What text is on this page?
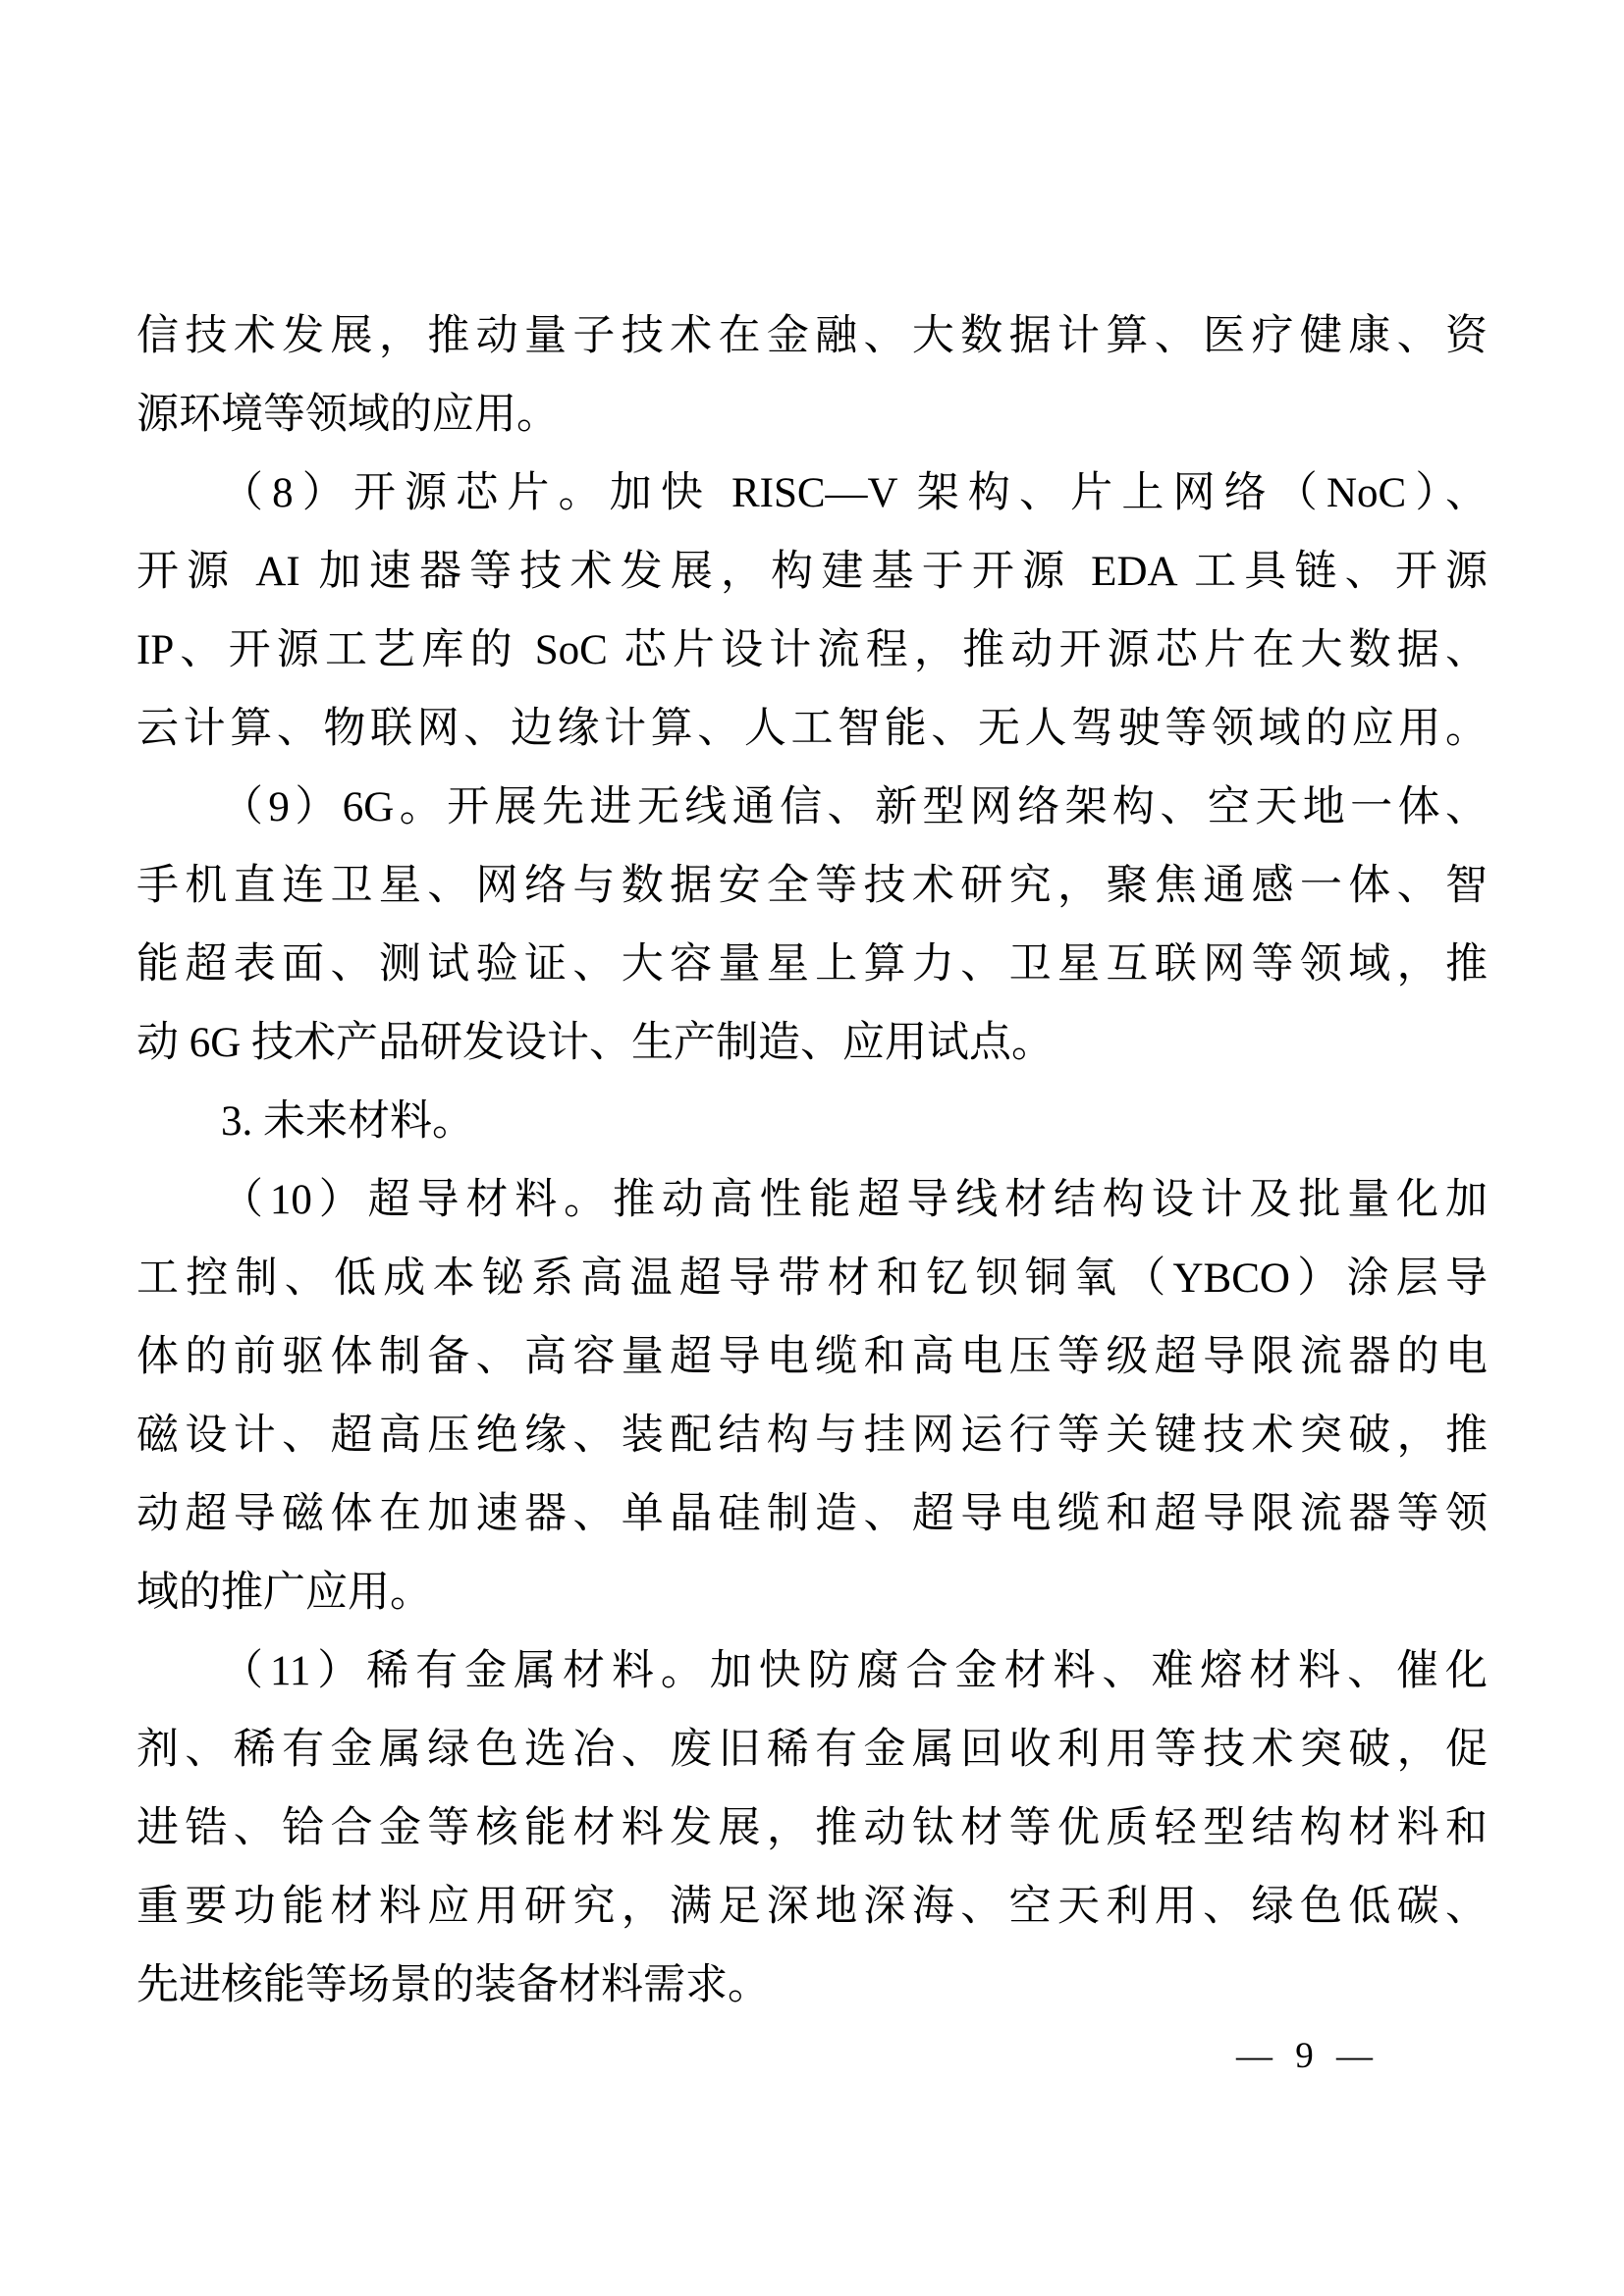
信技术发展，推动量子技术在金融、大数据计算、医疗健康、资
源环境等领域的应用。
（8）开源芯片。加快 RISC—V 架构、片上网络（NoC）、
开源 AI 加速器等技术发展，构建基于开源 EDA 工具链、开源
IP、开源工艺库的 SoC 芯片设计流程，推动开源芯片在大数据、
云计算、物联网、边缘计算、人工智能、无人驾驶等领域的应用。
（9）6G。开展先进无线通信、新型网络架构、空天地一体、
手机直连卫星、网络与数据安全等技术研究，聚焦通感一体、智
能超表面、测试验证、大容量星上算力、卫星互联网等领域，推
动 6G 技术产品研发设计、生产制造、应用试点。
3. 未来材料。
（10）超导材料。推动高性能超导线材结构设计及批量化加
工控制、低成本铋系高温超导带材和钇钡铜氧（YBCO）涂层导
体的前驱体制备、高容量超导电缆和高电压等级超导限流器的电
磁设计、超高压绝缘、装配结构与挂网运行等关键技术突破，推
动超导磁体在加速器、单晶硅制造、超导电缆和超导限流器等领
域的推广应用。
（11）稀有金属材料。加快防腐合金材料、难熔材料、催化
剂、稀有金属绿色选冶、废旧稀有金属回收利用等技术突破，促
进锆、铪合金等核能材料发展，推动钛材等优质轻型结构材料和
重要功能材料应用研究，满足深地深海、空天利用、绿色低碳、
先进核能等场景的装备材料需求。
— 9 —
